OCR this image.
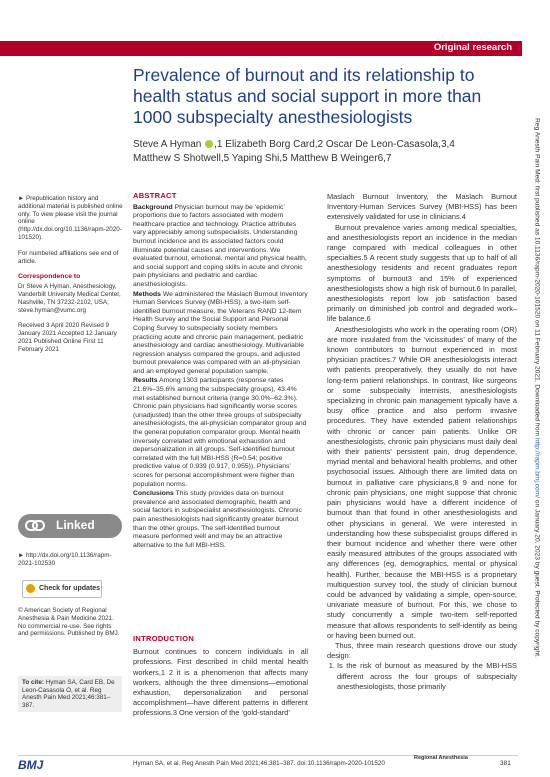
Original research
Reg Anesth Pain Med: first published as 10.1136/rapm-2020-101520 on 11 February 2021. Downloaded from http://rapm.bmj.com/ on January 20, 2023 by guest. Protected by copyright.
Prevalence of burnout and its relationship to health status and social support in more than 1000 subspecialty anesthesiologists
Steve A Hyman ,1 Elizabeth Borg Card,2 Oscar De Leon-Casasola,3,4
Matthew S Shotwell,5 Yaping Shi,5 Matthew B Weinger6,7

► Prepublication history and additional material is published online only. To view please visit the journal online (http://dx.doi.org/10.1136/rapm-2020-101520).

For numbered affiliations see end of article.

Correspondence to

Dr Steve A Hyman, Anesthesiology, Vanderbilt University Medical Center, Nashville, TN 37232-2102, USA; steve.hyman@vumc.org

Received 3 April 2020 Revised 9 January 2021 Accepted 12 January 2021 Published Online First 11 February 2021

Linked
► http://dx.doi.org/10.1136/rapm-2021-102530
Check for updates
© American Society of Regional Anesthesia & Pain Medicine 2021. No commercial re-use. See rights and permissions. Published by BMJ.
To cite: Hyman SA, Card EB, De Leon-Casasola O, et al. Reg Anesth Pain Med 2021;46:381–387.
ABSTRACT

Background Physician burnout may be ‘epidemic’ proportions due to factors associated with modern healthcare practice and technology. Practice attributes vary appreciably among subspecialists. Understanding burnout incidence and its associated factors could illuminate potential causes and interventions. We evaluated burnout, emotional, mental and physical health, and social support and coping skills in acute and chronic pain physicians and pediatric and cardiac anesthesiologists.

Methods We administered the Maslach Burnout Inventory Human Services Survey (MBI-HSS), a two-item self-identified burnout measure, the Veterans RAND 12-Item Health Survey and the Social Support and Personal Coping Survey to subspecialty society members practicing acute and chronic pain management, pediatric anesthesiology and cardiac anesthesiology. Multivariable regression analysis compared the groups, and adjusted burnout prevalence was compared with an all-physician and an employed general population sample.

Results Among 1303 participants (response rates 21.6%–35.6% among the subspecialty groups), 43.4% met established burnout criteria (range 30.0%–62.3%). Chronic pain physicians had significantly worse scores (unadjusted) than the other three groups of subspecialty anesthesiologists, the all-physician comparator group and the general population comparator group. Mental health inversely correlated with emotional exhaustion and depersonalization in all groups. Self-identified burnout correlated with the full MBI-HSS (R=0.54; positive predictive value of 0.939 (0.917, 0.955)). Physicians’ scores for personal accomplishment were higher than population norms.

Conclusions This study provides data on burnout prevalence and associated demographic, health and social factors in subspecialist anesthesiologists. Chronic pain anesthesiologists had significantly greater burnout than the other groups. The self-identified burnout measure performed well and may be an attractive alternative to the full MBI-HSS.

INTRODUCTION

Burnout continues to concern individuals in all professions. First described in child mental health workers,1 2 it is a phenomenon that affects many workers, although the three dimensions—emotional exhaustion, depersonalization and personal accomplishment—have different patterns in different professions.3 One version of the ‘gold-standard’

Maslach Burnout Inventory, the Maslach Burnout Inventory-Human Services Survey (MBI-HSS) has been extensively validated for use in clinicians.4

Burnout prevalence varies among medical specialties, and anesthesiologists report an incidence in the median range compared with medical colleagues in other specialties.5 A recent study suggests that up to half of all anesthesiology residents and recent graduates report symptoms of burnout3 and 15% of experienced anesthesiologists show a high risk of burnout.6 In parallel, anesthesiologists report low job satisfaction based primarily on diminished job control and degraded work–life balance.6

Anesthesiologists who work in the operating room (OR) are more insulated from the ‘vicissitudes’ of many of the known contributors to burnout experienced in most physician practices.7 While OR anesthesiologists interact with patients preoperatively, they usually do not have long-term patient relationships. In contrast, like surgeons or some subspecialty internists, anesthesiologists specializing in chronic pain management typically have a busy office practice and also perform invasive procedures. They have extended patient relationships with chronic or cancer pain patients. Unlike OR anesthesiologists, chronic pain physicians must daily deal with their patients’ persistent pain, drug dependence, myriad mental and behavioral health problems, and other psychosocial issues. Although there are limited data on burnout in palliative care physicians,8 9 and none for chronic pain physicians, one might suppose that chronic pain physicians would have a different incidence of burnout than that found in other anesthesiologists and other physicians in general. We were interested in understanding how these subspecialist groups differed in their burnout incidence and whether there were other easily measured attributes of the groups associated with any differences (eg, demographics, mental or physical health). Further, because the MBI-HSS is a proprietary multiquestion survey tool, the study of clinician burnout could be advanced by validating a simple, open-source, univariate measure of burnout. For this, we chose to study concurrently a simple two-item self-reported measure that allows respondents to self-identify as being or having been burned out.

Thus, three main research questions drove our study design:

1. Is the risk of burnout as measured by the MBI-HSS different across the four groups of subspecialty anesthesiologists, those primarily
BMJ	Hyman SA, et al. Reg Anesth Pain Med 2021;46:381–387. doi:10.1136/rapm-2020-101520
Regional Anesthesia
381
